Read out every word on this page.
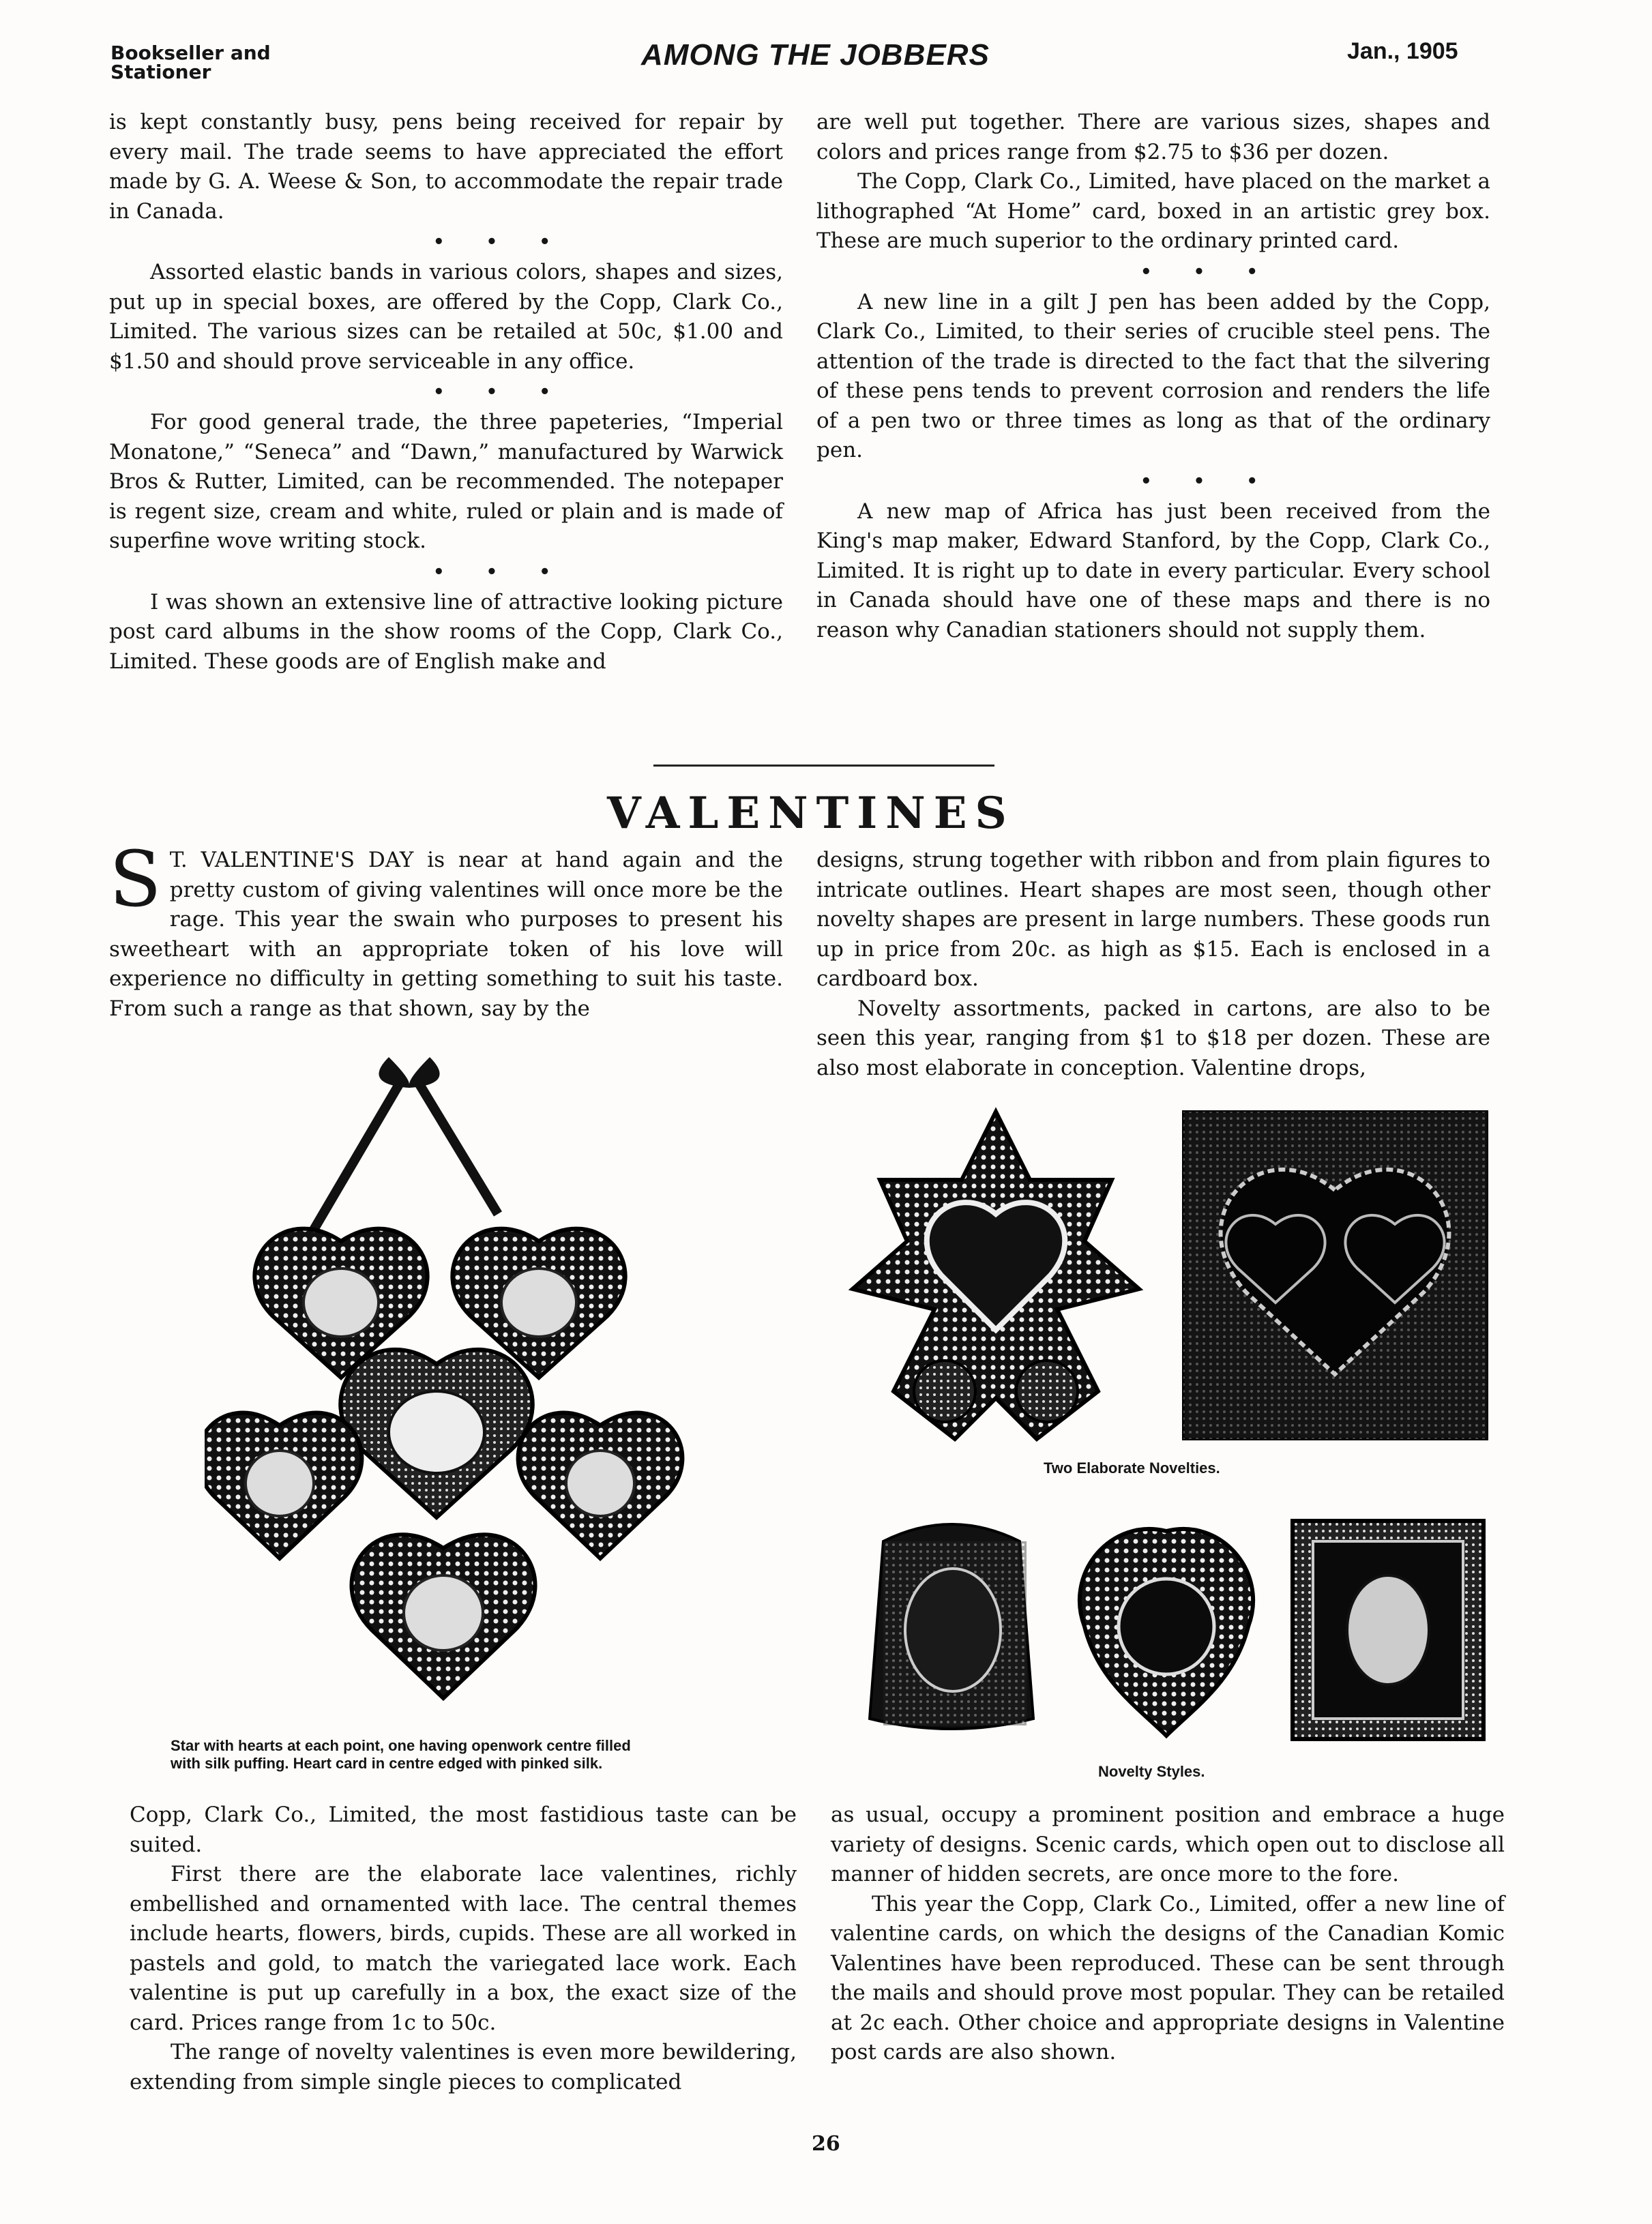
Bookseller and
Stationer
AMONG THE JOBBERS	Jan., 1905

is kept constantly busy, pens being received for repair by every mail. The trade seems to have appreciated the effort made by G. A. Weese & Son, to accommodate the repair trade in Canada.

• • •

Assorted elastic bands in various colors, shapes and sizes, put up in special boxes, are offered by the Copp, Clark Co., Limited. The various sizes can be retailed at 50c, $1.00 and $1.50 and should prove serviceable in any office.

• • •

For good general trade, the three papeteries, “Imperial Monatone,” “Seneca” and “Dawn,” manufactured by Warwick Bros & Rutter, Limited, can be recommended. The notepaper is regent size, cream and white, ruled or plain and is made of superfine wove writing stock.

• • •

I was shown an extensive line of attractive looking picture post card albums in the show rooms of the Copp, Clark Co., Limited. These goods are of English make and

are well put together. There are various sizes, shapes and colors and prices range from $2.75 to $36 per dozen.

The Copp, Clark Co., Limited, have placed on the market a lithographed “At Home” card, boxed in an artistic grey box. These are much superior to the ordinary printed card.

• • •

A new line in a gilt J pen has been added by the Copp, Clark Co., Limited, to their series of crucible steel pens. The attention of the trade is directed to the fact that the silvering of these pens tends to prevent corrosion and renders the life of a pen two or three times as long as that of the ordinary pen.

• • •

A new map of Africa has just been received from the King's map maker, Edward Stanford, by the Copp, Clark Co., Limited. It is right up to date in every particular. Every school in Canada should have one of these maps and there is no reason why Canadian stationers should not supply them.

VALENTINES
S T. VALENTINE'S DAY is near at hand again and the pretty custom of giving valentines will once more be the rage. This year the swain who purposes to present his sweetheart with an appropriate token of his love will experience no difficulty in getting something to suit his taste. From such a range as that shown, say by the

designs, strung together with ribbon and from plain figures to intricate outlines. Heart shapes are most seen, though other novelty shapes are present in large numbers. These goods run up in price from 20c. as high as $15. Each is enclosed in a cardboard box.

Novelty assortments, packed in cartons, are also to be seen this year, ranging from $1 to $18 per dozen. These are also most elaborate in conception. Valentine drops,

Star with hearts at each point, one having openwork centre filled
with silk puffing. Heart card in centre edged with pinked silk.
Two Elaborate Novelties.
Novelty Styles.

Copp, Clark Co., Limited, the most fastidious taste can be suited.

First there are the elaborate lace valentines, richly embellished and ornamented with lace. The central themes include hearts, flowers, birds, cupids. These are all worked in pastels and gold, to match the variegated lace work. Each valentine is put up carefully in a box, the exact size of the card. Prices range from 1c to 50c.

The range of novelty valentines is even more bewildering, extending from simple single pieces to complicated

as usual, occupy a prominent position and embrace a huge variety of designs. Scenic cards, which open out to disclose all manner of hidden secrets, are once more to the fore.

This year the Copp, Clark Co., Limited, offer a new line of valentine cards, on which the designs of the Canadian Komic Valentines have been reproduced. These can be sent through the mails and should prove most popular. They can be retailed at 2c each. Other choice and appropriate designs in Valentine post cards are also shown.

26
